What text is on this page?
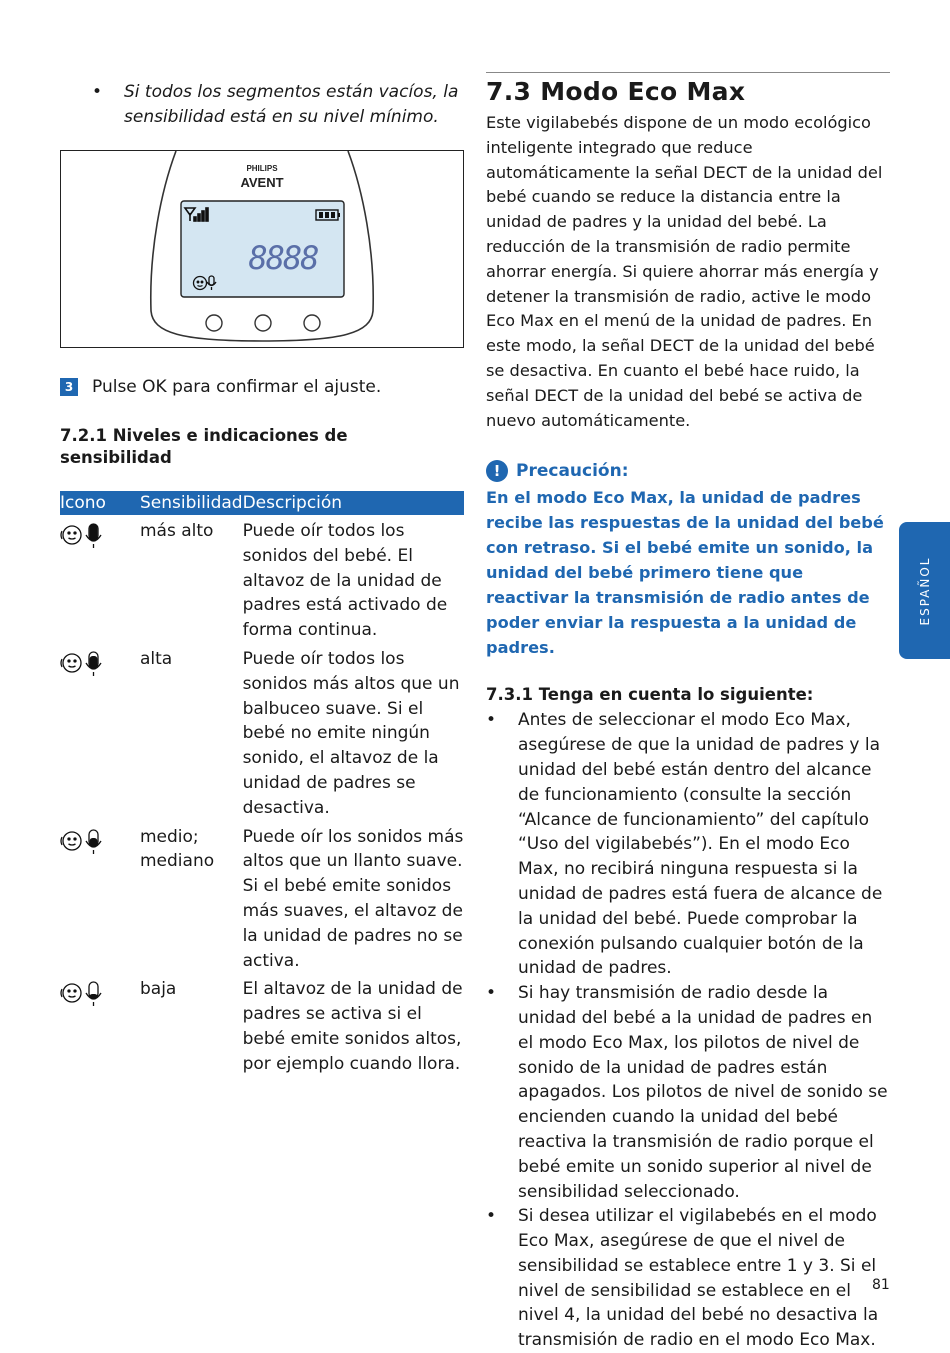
• Si todos los segmentos están vacíos, la sensibilidad está en su nivel mínimo.
PHILIPS
AVENT
8888
3 Pulse OK para confirmar el ajuste.
7.2.1 Niveles e indicaciones de sensibilidad
Icono	Sensibilidad	Descripción

	más alto	Puede oír todos los sonidos del bebé. El altavoz de la unidad de padres está activado de forma continua.

	alta	Puede oír todos los sonidos más altos que un balbuceo suave. Si el bebé no emite ningún sonido, el altavoz de la unidad de padres se desactiva.

	medio; mediano	Puede oír los sonidos más altos que un llanto suave. Si el bebé emite sonidos más suaves, el altavoz de la unidad de padres no se activa.

	baja	El altavoz de la unidad de padres se activa si el bebé emite sonidos altos, por ejemplo cuando llora.
7.3 Modo Eco Max
Este vigilabebés dispone de un modo ecológico inteligente integrado que reduce automáticamente la señal DECT de la unidad del bebé cuando se reduce la distancia entre la unidad de padres y la unidad del bebé. La reducción de la transmisión de radio permite ahorrar energía. Si quiere ahorrar más energía y detener la transmisión de radio, active le modo Eco Max en el menú de la unidad de padres. En este modo, la señal DECT de la unidad del bebé se desactiva. En cuanto el bebé hace ruido, la señal DECT de la unidad del bebé se activa de nuevo automáticamente.
! Precaución:
En el modo Eco Max, la unidad de padres recibe las respuestas de la unidad del bebé con retraso. Si el bebé emite un sonido, la unidad del bebé primero tiene que reactivar la transmisión de radio antes de poder enviar la respuesta a la unidad de padres.
7.3.1 Tenga en cuenta lo siguiente:
• Antes de seleccionar el modo Eco Max, asegúrese de que la unidad de padres y la unidad del bebé están dentro del alcance de funcionamiento (consulte la sección “Alcance de funcionamiento” del capítulo “Uso del vigilabebés”). En el modo Eco Max, no recibirá ninguna respuesta si la unidad de padres está fuera de alcance de la unidad del bebé. Puede comprobar la conexión pulsando cualquier botón de la unidad de padres.
• Si hay transmisión de radio desde la unidad del bebé a la unidad de padres en el modo Eco Max, los pilotos de nivel de sonido de la unidad de padres están apagados. Los pilotos de nivel de sonido se encienden cuando la unidad del bebé reactiva la transmisión de radio porque el bebé emite un sonido superior al nivel de sensibilidad seleccionado.
• Si desea utilizar el vigilabebés en el modo Eco Max, asegúrese de que el nivel de sensibilidad se establece entre 1 y 3. Si el nivel de sensibilidad se establece en el nivel 4, la unidad del bebé no desactiva la transmisión de radio en el modo Eco Max.
ESPAÑOL
81
